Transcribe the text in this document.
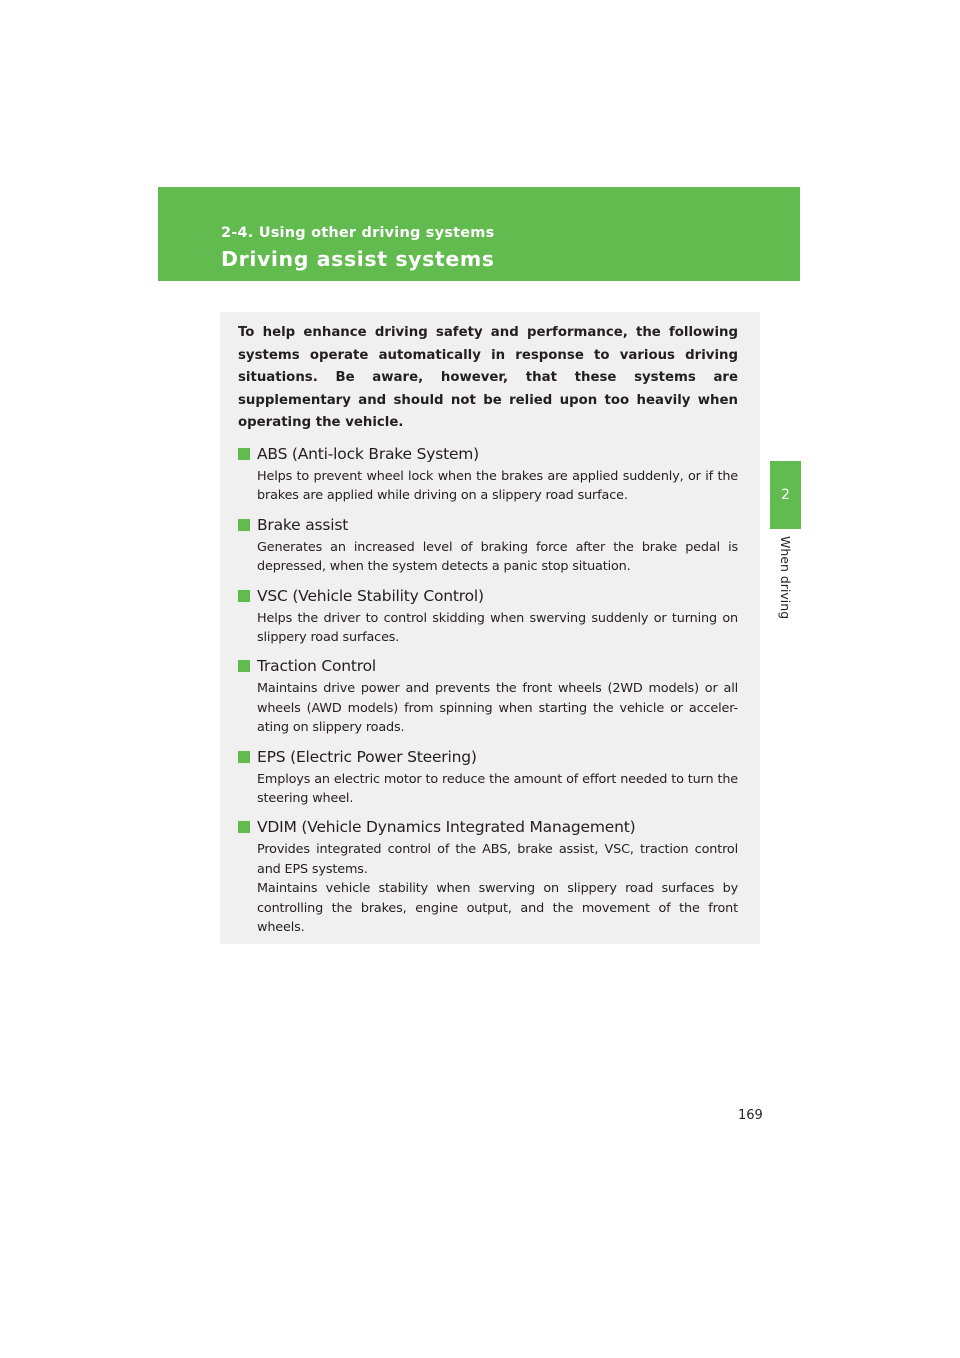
2-4. Using other driving systems
Driving assist systems
2
When driving

To help enhance driving safety and performance, the following systems operate automatically in response to various driving situations. Be aware, however, that these systems are supplementary and should not be relied upon too heavily when operating the vehicle.

ABS (Anti-lock Brake System)

Helps to prevent wheel lock when the brakes are applied suddenly, or if the brakes are applied while driving on a slippery road surface.

Brake assist

Generates an increased level of braking force after the brake pedal is depressed, when the system detects a panic stop situation.

VSC (Vehicle Stability Control)

Helps the driver to control skidding when swerving suddenly or turning on slippery road surfaces.

Traction Control

Maintains drive power and prevents the front wheels (2WD models) or all wheels (AWD models) from spinning when starting the vehicle or acceler-ating on slippery roads.

EPS (Electric Power Steering)

Employs an electric motor to reduce the amount of effort needed to turn the steering wheel.

VDIM (Vehicle Dynamics Integrated Management)

Provides integrated control of the ABS, brake assist, VSC, traction control and EPS systems.

Maintains vehicle stability when swerving on slippery road surfaces by controlling the brakes, engine output, and the movement of the front wheels.

169
